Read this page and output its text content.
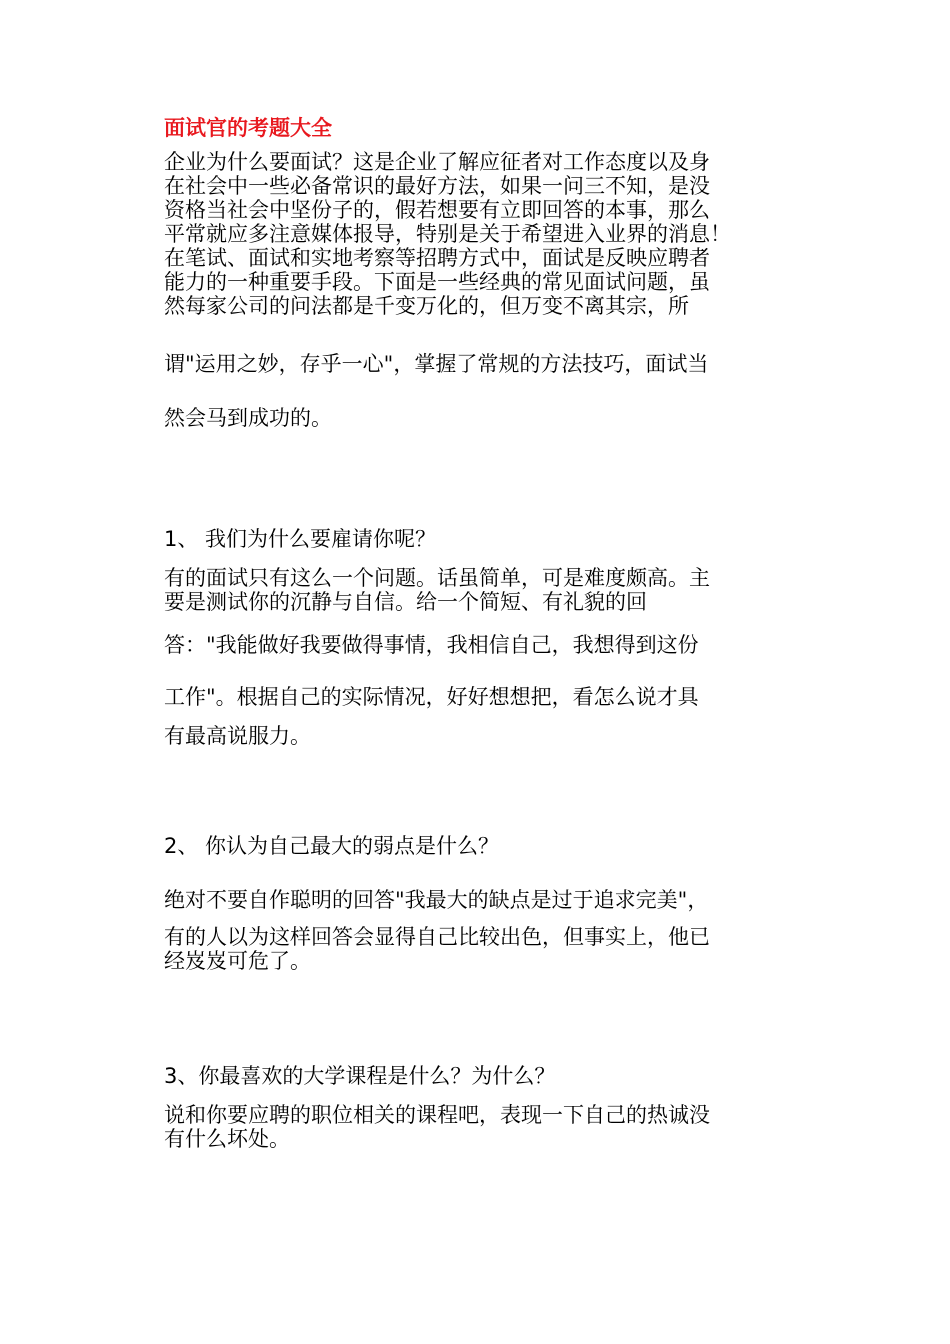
面试官的考题大全
企业为什么要面试？这是企业了解应征者对工作态度以及身
在社会中一些必备常识的最好方法，如果一问三不知，是没
资格当社会中坚份子的，假若想要有立即回答的本事，那么
平常就应多注意媒体报导，特别是关于希望进入业界的消息！
在笔试、面试和实地考察等招聘方式中，面试是反映应聘者
能力的一种重要手段。下面是一些经典的常见面试问题，虽
然每家公司的问法都是千变万化的，但万变不离其宗，所
谓"运用之妙，存乎一心"，掌握了常规的方法技巧，面试当
然会马到成功的。
1、 我们为什么要雇请你呢？
有的面试只有这么一个问题。话虽简单，可是难度颇高。主
要是测试你的沉静与自信。给一个简短、有礼貌的回
答："我能做好我要做得事情，我相信自己，我想得到这份
工作"。根据自己的实际情况，好好想想把，看怎么说才具
有最高说服力。
2、 你认为自己最大的弱点是什么？
绝对不要自作聪明的回答"我最大的缺点是过于追求完美"，
有的人以为这样回答会显得自己比较出色，但事实上，他已
经岌岌可危了。
3、你最喜欢的大学课程是什么？为什么？
说和你要应聘的职位相关的课程吧，表现一下自己的热诚没
有什么坏处。
